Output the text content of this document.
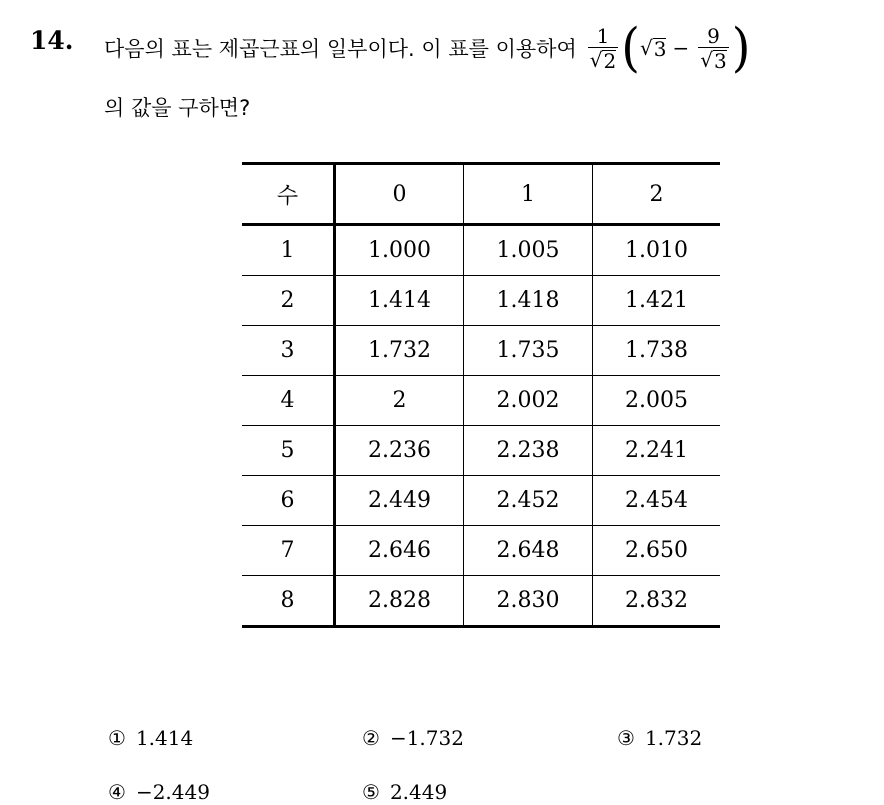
14. 다음의 표는 제곱근표의 일부이다. 이 표를 이용하여 $\frac{1}{√ 2}$ ( √ $3 - \frac{9}{√ 3}$ )
의 값을 구하면?
수	0	1	2
1	1.000	1.005	1.010
2	1.414	1.418	1.421
3	1.732	1.735	1.738
4	2	2.002	2.005
5	2.236	2.238	2.241
6	2.449	2.452	2.454
7	2.646	2.648	2.650
8	2.828	2.830	2.832
① 1.414	② −1.732	③ 1.732
④ −2.449	⑤ 2.449
